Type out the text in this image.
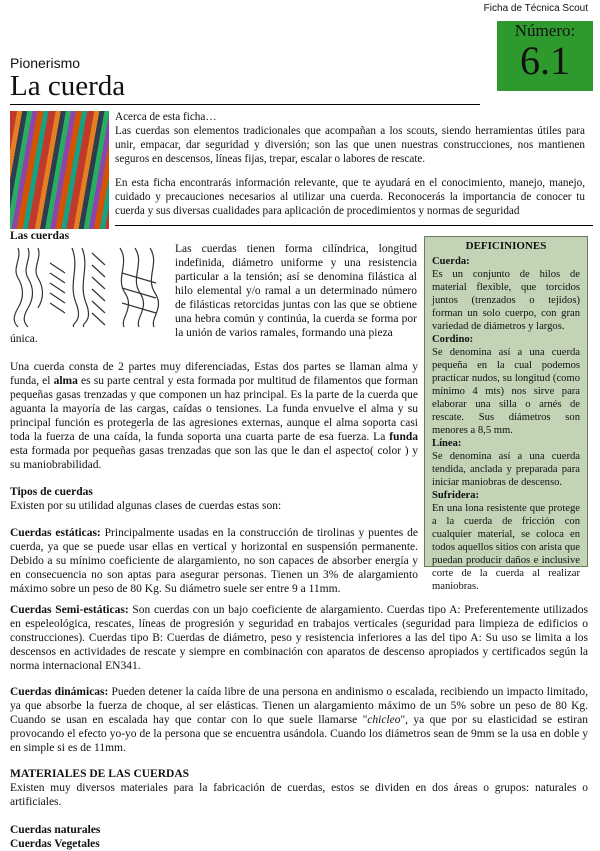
Ficha de Técnica Scout
Número:
6.1
Pionerismo
La cuerda
Acerca de esta ficha…

Las cuerdas son elementos tradicionales que acompañan a los scouts, siendo herramientas útiles para unir, empacar, dar seguridad y diversión; son las que unen nuestras construcciones, nos mantienen seguros en descensos, líneas fijas, trepar, escalar o labores de rescate.

En esta ficha encontrarás información relevante, que te ayudará en el conocimiento, manejo, manejo, cuidado y precauciones necesarios al utilizar una cuerda. Reconocerás la importancia de conocer tu cuerda y sus diversas cualidades para aplicación de procedimientos y normas de seguridad

Las cuerdas
Las cuerdas tienen forma cilíndrica, longitud indefinida, diámetro uniforme y una resistencia particular a la tensión; así se denomina filástica al hilo elemental y/o ramal a un determinado número de filásticas retorcidas juntas con las que se obtiene una hebra común y continúa, la cuerda se forma por la unión de varios ramales, formando una pieza
única.

Una cuerda consta de 2 partes muy diferenciadas, Estas dos partes se llaman alma y funda, el alma es su parte central y esta formada por multitud de filamentos que forman pequeñas gasas trenzadas y que componen un haz principal. Es la parte de la cuerda que aguanta la mayoría de las cargas, caídas o tensiones. La funda envuelve el alma y su principal función es protegerla de las agresiones externas, aunque el alma soporta casi toda la fuerza de una caída, la funda soporta una cuarta parte de esa fuerza. La funda esta formada por pequeñas gasas trenzadas que son las que le dan el aspecto( color ) y su maniobrabilidad.

Tipos de cuerdas
Existen por su utilidad algunas clases de cuerdas estas son:

Cuerdas estáticas: Principalmente usadas en la construcción de tirolinas y puentes de cuerda, ya que se puede usar ellas en vertical y horizontal en suspensión permanente. Debido a su mínimo coeficiente de alargamiento, no son capaces de absorber energía y en consecuencia no son aptas para asegurar personas. Tienen un 3% de alargamiento máximo sobre un peso de 80 Kg. Su diámetro suele ser entre 9 a 11mm.

DEFICINIONES

Cuerda:
Es un conjunto de hilos de material flexible, que torcidos juntos (trenzados o tejidos) forman un solo cuerpo, con gran variedad de diámetros y largos.

Cordino:
Se denomina así a una cuerda pequeña en la cual podemos practicar nudos, su longitud (como mínimo 4 mts) nos sirve para elaborar una silla o arnés de rescate. Sus diámetros son menores a 8,5 mm.

Línea:
Se denomina así a una cuerda tendida, anclada y preparada para iniciar maniobras de descenso.

Sufridera:
En una lona resistente que protege a la cuerda de fricción con cualquier material, se coloca en todos aquellos sitios con arista que puedan producir daños e inclusive corte de la cuerda al realizar maniobras.

Cuerdas Semi-estáticas: Son cuerdas con un bajo coeficiente de alargamiento. Cuerdas tipo A: Preferentemente utilizados en espeleológica, rescates, líneas de progresión y seguridad en trabajos verticales (seguridad para limpieza de edificios o construcciones). Cuerdas tipo B: Cuerdas de diámetro, peso y resistencia inferiores a las del tipo A: Su uso se limita a los descensos en actividades de rescate y siempre en combinación con aparatos de descenso apropiados y certificados según la norma internacional EN341.

Cuerdas dinámicas: Pueden detener la caída libre de una persona en andinismo o escalada, recibiendo un impacto limitado, ya que absorbe la fuerza de choque, al ser elásticas. Tienen un alargamiento máximo de un 5% sobre un peso de 80 Kg. Cuando se usan en escalada hay que contar con lo que suele llamarse "chicleo", ya que por su elasticidad se estiran provocando el efecto yo-yo de la persona que se encuentra usándola. Cuando los diámetros sean de 9mm se la usa en doble y en simple si es de 11mm.

MATERIALES DE LAS CUERDAS
Existen muy diversos materiales para la fabricación de cuerdas, estos se dividen en dos áreas o grupos: naturales o artificiales.

Cuerdas naturales
Cuerdas Vegetales
